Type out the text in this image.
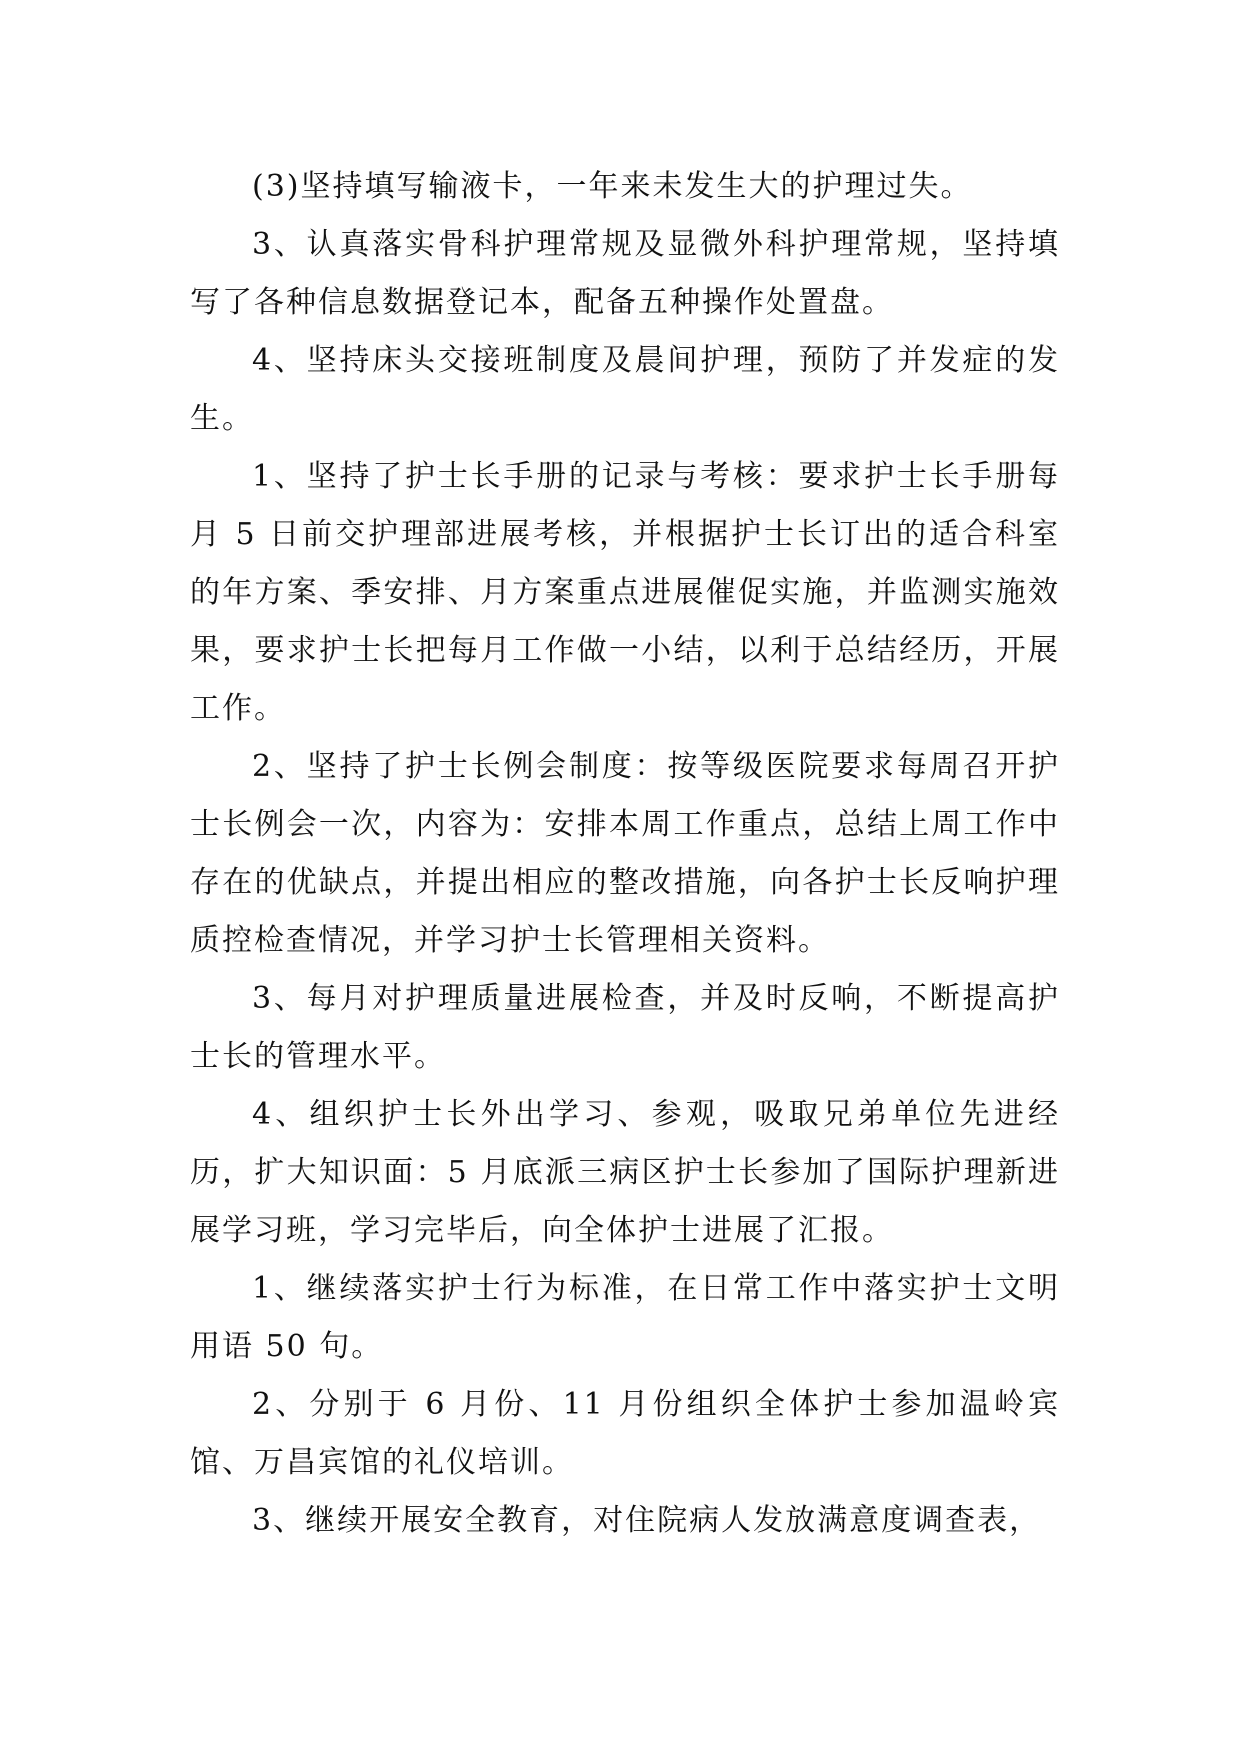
(3)坚持填写输液卡，一年来未发生大的护理过失。

3、认真落实骨科护理常规及显微外科护理常规，坚持填写了各种信息数据登记本，配备五种操作处置盘。

4、坚持床头交接班制度及晨间护理，预防了并发症的发生。

1、坚持了护士长手册的记录与考核：要求护士长手册每月 5 日前交护理部进展考核，并根据护士长订出的适合科室的年方案、季安排、月方案重点进展催促实施，并监测实施效果，要求护士长把每月工作做一小结，以利于总结经历，开展工作。

2、坚持了护士长例会制度：按等级医院要求每周召开护士长例会一次，内容为：安排本周工作重点，总结上周工作中存在的优缺点，并提出相应的整改措施，向各护士长反响护理质控检查情况，并学习护士长管理相关资料。

3、每月对护理质量进展检查，并及时反响，不断提高护士长的管理水平。

4、组织护士长外出学习、参观，吸取兄弟单位先进经历，扩大知识面：5 月底派三病区护士长参加了国际护理新进展学习班，学习完毕后，向全体护士进展了汇报。

1、继续落实护士行为标准，在日常工作中落实护士文明用语 50 句。

2、分别于 6 月份、11 月份组织全体护士参加温岭宾馆、万昌宾馆的礼仪培训。

3、继续开展安全教育，对住院病人发放满意度调查表，
